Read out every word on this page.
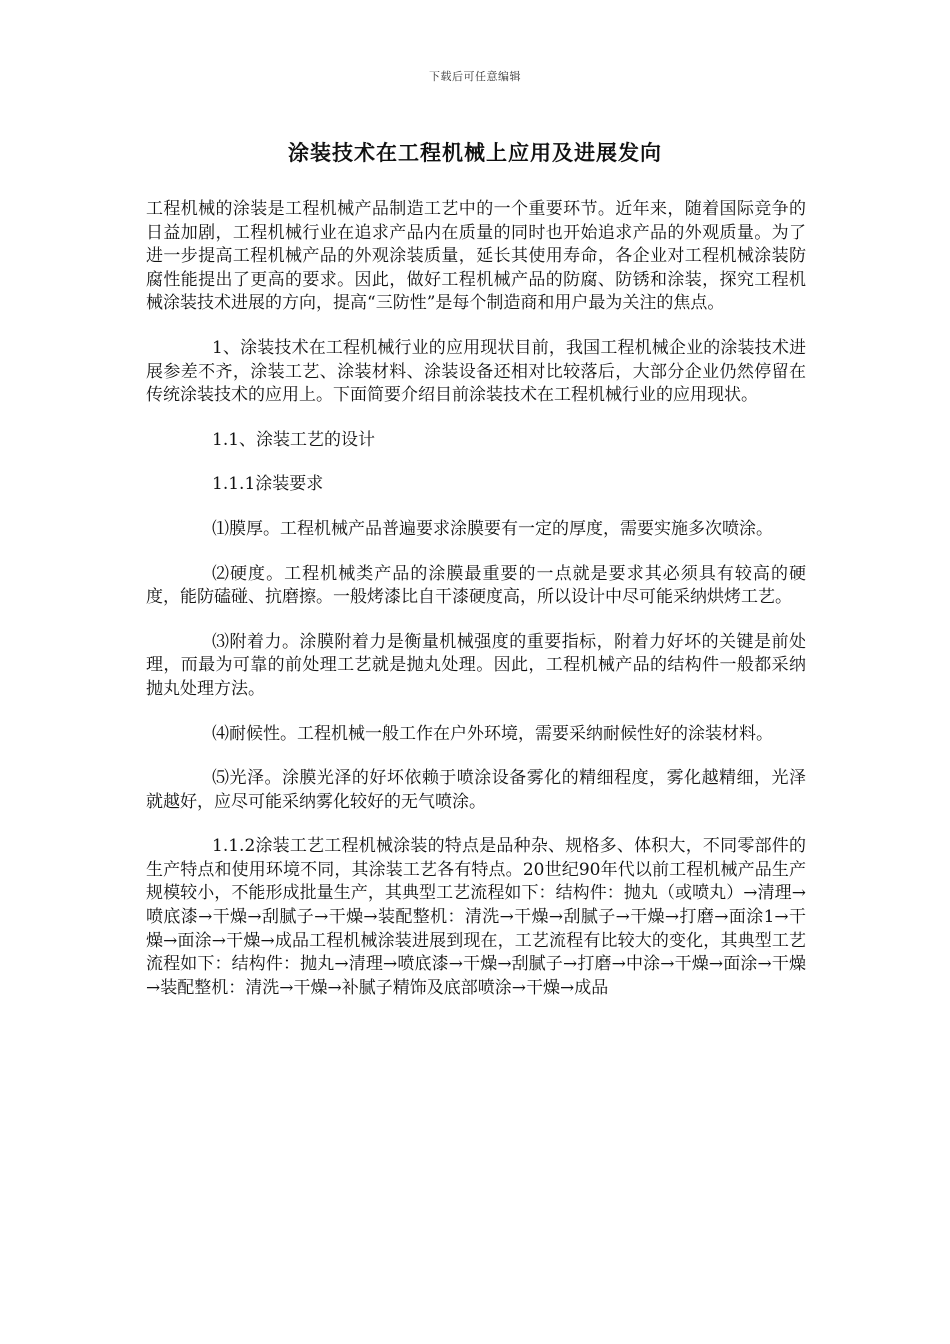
下载后可任意编辑
涂装技术在工程机械上应用及进展发向

工程机械的涂装是工程机械产品制造工艺中的一个重要环节。近年来，随着国际竞争的日益加剧，工程机械行业在追求产品内在质量的同时也开始追求产品的外观质量。为了进一步提高工程机械产品的外观涂装质量，延长其使用寿命，各企业对工程机械涂装防腐性能提出了更高的要求。因此，做好工程机械产品的防腐、防锈和涂装，探究工程机械涂装技术进展的方向，提高“三防性”是每个制造商和用户最为关注的焦点。

1、涂装技术在工程机械行业的应用现状目前，我国工程机械企业的涂装技术进展参差不齐，涂装工艺、涂装材料、涂装设备还相对比较落后，大部分企业仍然停留在传统涂装技术的应用上。下面简要介绍目前涂装技术在工程机械行业的应用现状。

1.1、涂装工艺的设计

1.1.1涂装要求

⑴膜厚。工程机械产品普遍要求涂膜要有一定的厚度，需要实施多次喷涂。

⑵硬度。工程机械类产品的涂膜最重要的一点就是要求其必须具有较高的硬度，能防磕碰、抗磨擦。一般烤漆比自干漆硬度高，所以设计中尽可能采纳烘烤工艺。

⑶附着力。涂膜附着力是衡量机械强度的重要指标，附着力好坏的关键是前处理，而最为可靠的前处理工艺就是抛丸处理。因此，工程机械产品的结构件一般都采纳抛丸处理方法。

⑷耐候性。工程机械一般工作在户外环境，需要采纳耐候性好的涂装材料。

⑸光泽。涂膜光泽的好坏依赖于喷涂设备雾化的精细程度，雾化越精细，光泽就越好，应尽可能采纳雾化较好的无气喷涂。

1.1.2涂装工艺工程机械涂装的特点是品种杂、规格多、体积大，不同零部件的生产特点和使用环境不同，其涂装工艺各有特点。20世纪90年代以前工程机械产品生产规模较小，不能形成批量生产，其典型工艺流程如下：结构件：抛丸（或喷丸）→清理→喷底漆→干燥→刮腻子→干燥→装配整机：清洗→干燥→刮腻子→干燥→打磨→面涂1→干燥→面涂→干燥→成品工程机械涂装进展到现在，工艺流程有比较大的变化，其典型工艺流程如下：结构件：抛丸→清理→喷底漆→干燥→刮腻子→打磨→中涂→干燥→面涂→干燥→装配整机：清洗→干燥→补腻子精饰及底部喷涂→干燥→成品
